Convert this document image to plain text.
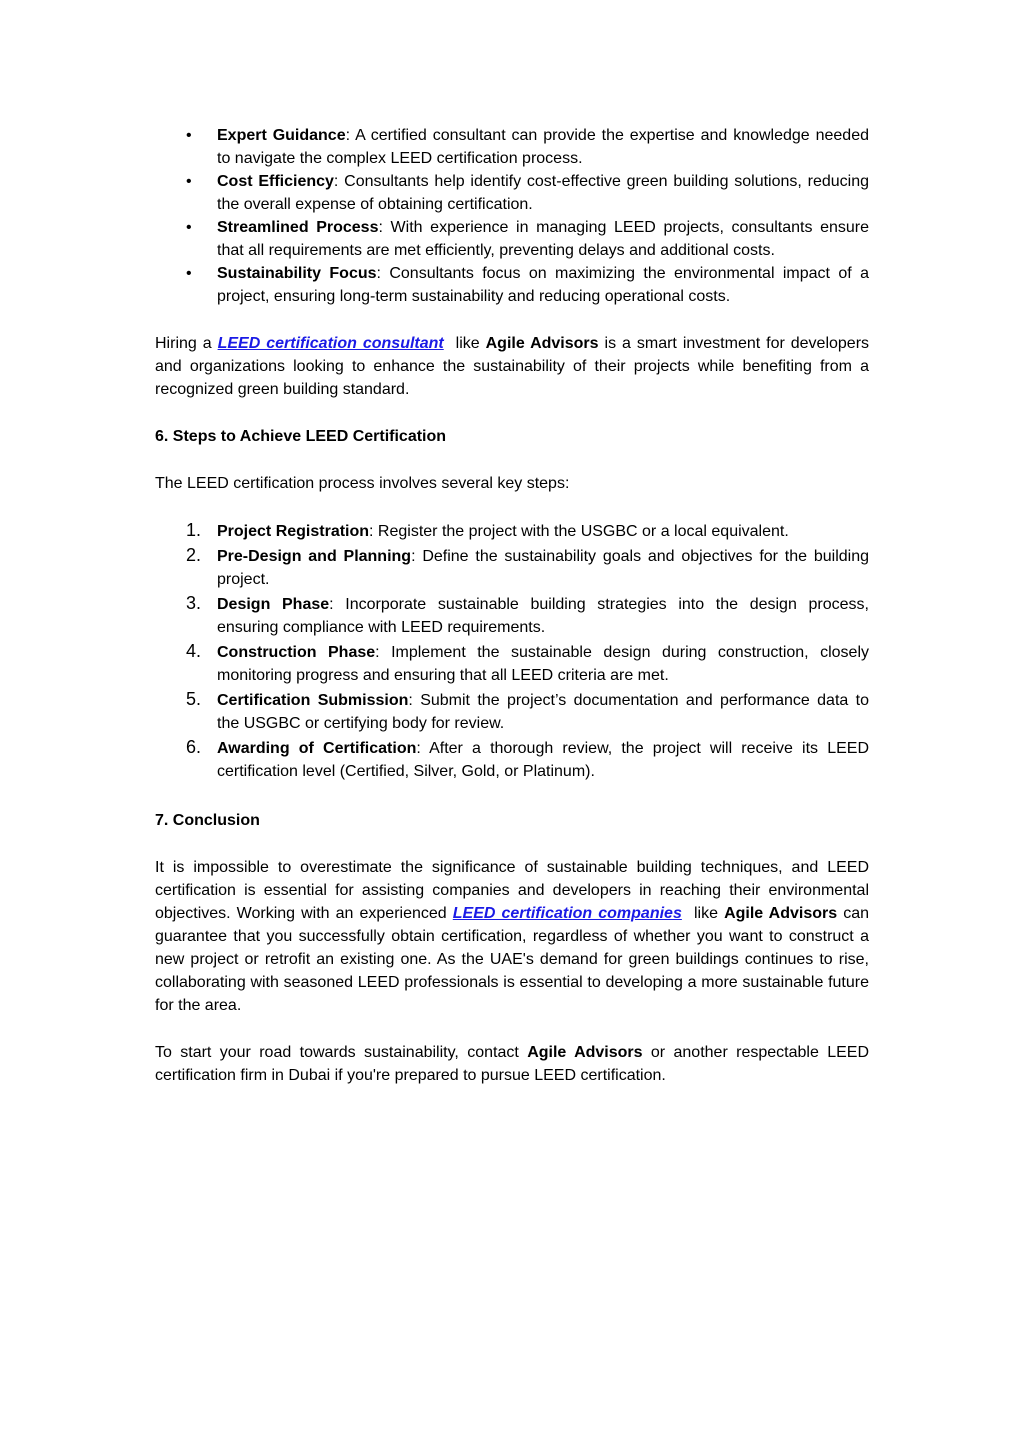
• Expert Guidance: A certified consultant can provide the expertise and knowledge needed to navigate the complex LEED certification process.
• Cost Efficiency: Consultants help identify cost-effective green building solutions, reducing the overall expense of obtaining certification.
• Streamlined Process: With experience in managing LEED projects, consultants ensure that all requirements are met efficiently, preventing delays and additional costs.
• Sustainability Focus: Consultants focus on maximizing the environmental impact of a project, ensuring long-term sustainability and reducing operational costs.

Hiring a LEED certification consultant  like Agile Advisors is a smart investment for developers and organizations looking to enhance the sustainability of their projects while benefiting from a recognized green building standard.

6. Steps to Achieve LEED Certification

The LEED certification process involves several key steps:

1. Project Registration: Register the project with the USGBC or a local equivalent.
2. Pre-Design and Planning: Define the sustainability goals and objectives for the building project.
3. Design Phase: Incorporate sustainable building strategies into the design process, ensuring compliance with LEED requirements.
4. Construction Phase: Implement the sustainable design during construction, closely monitoring progress and ensuring that all LEED criteria are met.
5. Certification Submission: Submit the project’s documentation and performance data to the USGBC or certifying body for review.
6. Awarding of Certification: After a thorough review, the project will receive its LEED certification level (Certified, Silver, Gold, or Platinum).
7. Conclusion

It is impossible to overestimate the significance of sustainable building techniques, and LEED certification is essential for assisting companies and developers in reaching their environmental objectives. Working with an experienced LEED certification companies  like Agile Advisors can guarantee that you successfully obtain certification, regardless of whether you want to construct a new project or retrofit an existing one. As the UAE's demand for green buildings continues to rise, collaborating with seasoned LEED professionals is essential to developing a more sustainable future for the area.

To start your road towards sustainability, contact Agile Advisors or another respectable LEED certification firm in Dubai if you're prepared to pursue LEED certification.
